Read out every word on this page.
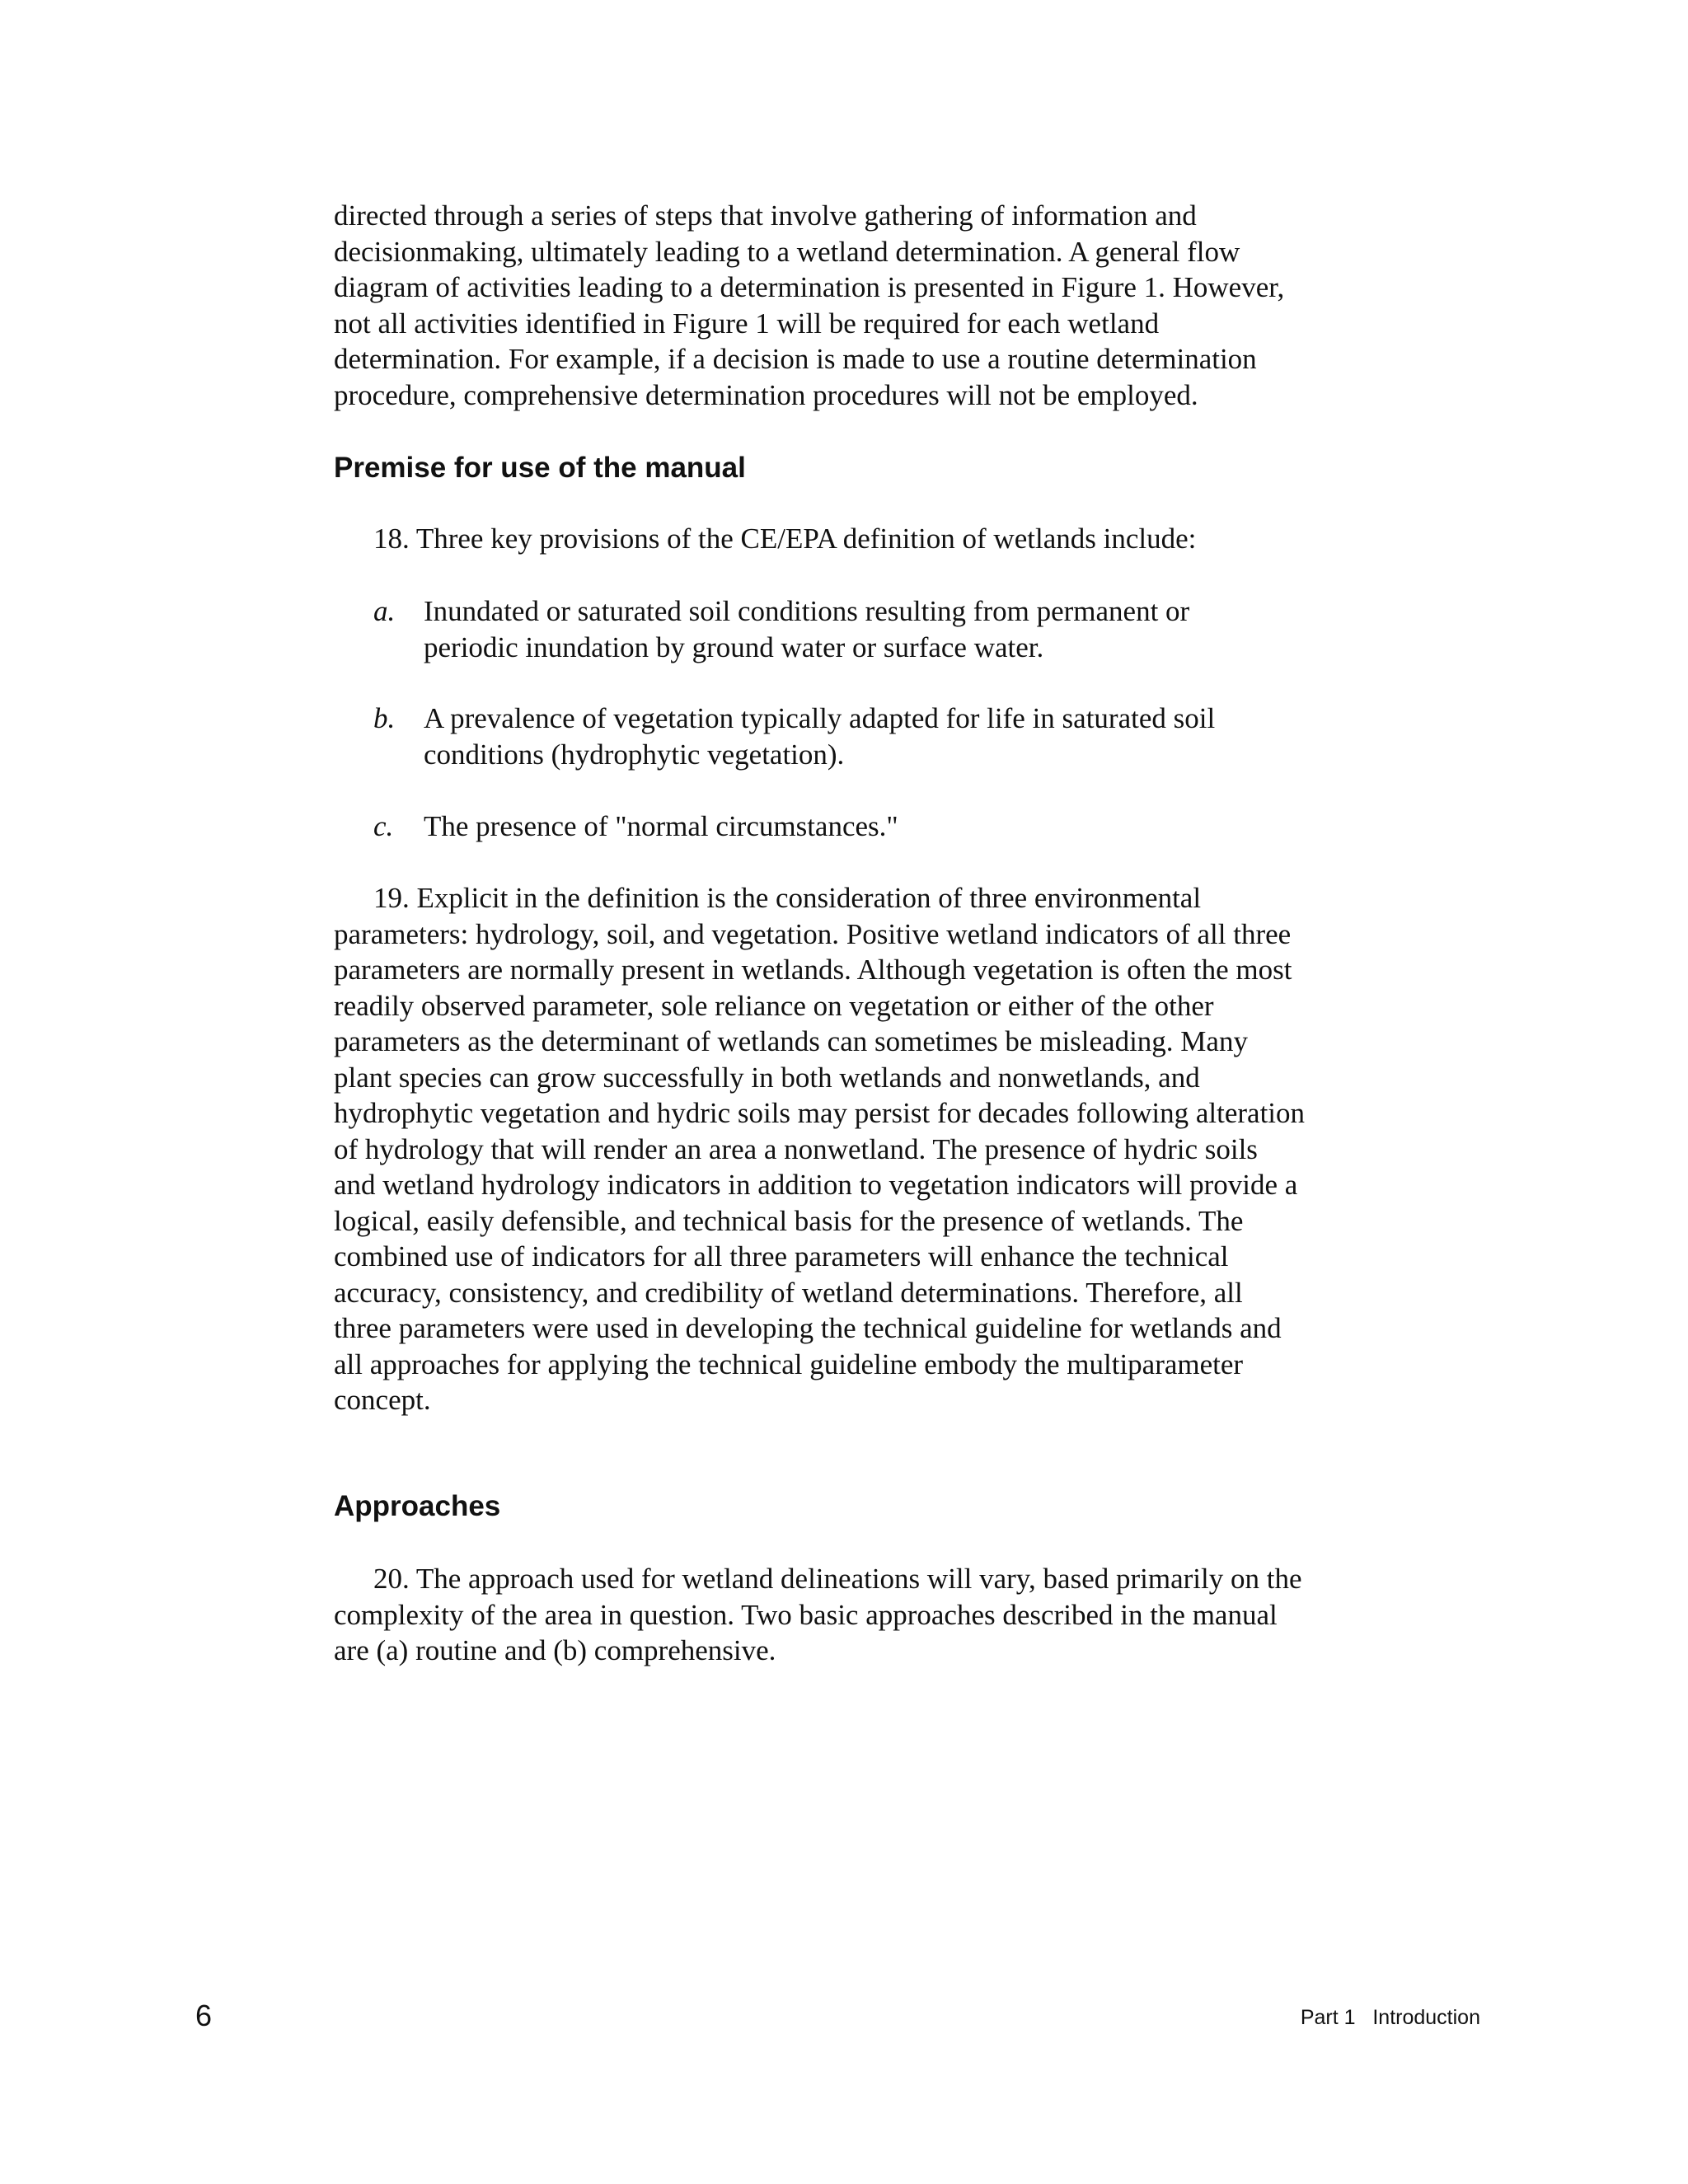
directed through a series of steps that involve gathering of information and decisionmaking, ultimately leading to a wetland determination. A general flow diagram of activities leading to a determination is presented in Figure 1. However, not all activities identified in Figure 1 will be required for each wetland determination. For example, if a decision is made to use a routine determination procedure, comprehensive determination procedures will not be employed.

Premise for use of the manual

18. Three key provisions of the CE/EPA definition of wetlands include:

a. Inundated or saturated soil conditions resulting from permanent or periodic inundation by ground water or surface water.
b. A prevalence of vegetation typically adapted for life in saturated soil conditions (hydrophytic vegetation).
c. The presence of "normal circumstances."

19. Explicit in the definition is the consideration of three environmental parameters: hydrology, soil, and vegetation. Positive wetland indicators of all three parameters are normally present in wetlands. Although vegetation is often the most readily observed parameter, sole reliance on vegetation or either of the other parameters as the determinant of wetlands can sometimes be misleading. Many plant species can grow successfully in both wetlands and nonwetlands, and hydrophytic vegetation and hydric soils may persist for decades following alteration of hydrology that will render an area a nonwetland. The presence of hydric soils and wetland hydrology indicators in addition to vegetation indicators will provide a logical, easily defensible, and technical basis for the presence of wetlands. The combined use of indicators for all three parameters will enhance the technical accuracy, consistency, and credibility of wetland determinations. Therefore, all three parameters were used in developing the technical guideline for wetlands and all approaches for applying the technical guideline embody the multiparameter concept.

Approaches

20. The approach used for wetland delineations will vary, based primarily on the complexity of the area in question. Two basic approaches described in the manual are (a) routine and (b) comprehensive.

6	Part 1   Introduction
